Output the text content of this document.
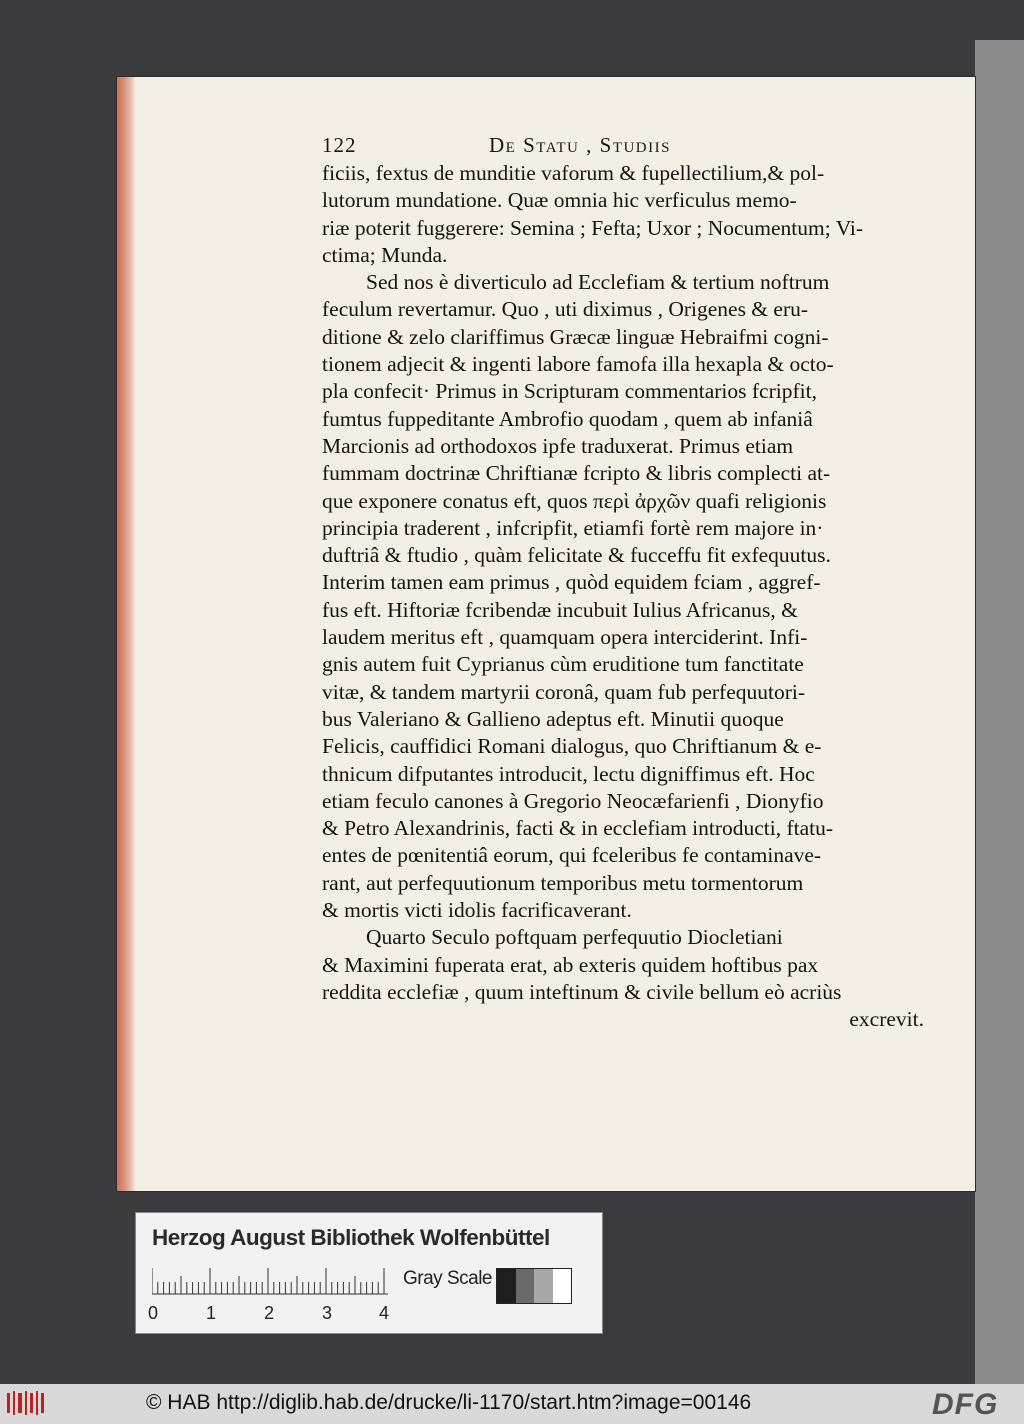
122	De Statu , Studiis
ficiis, fextus de munditie vaforum & fupellectilium,& pol-
lutorum mundatione. Quæ omnia hic verficulus memo-
riæ poterit fuggerere: Semina ; Fefta; Uxor ; Nocumentum; Vi-
ctima; Munda.
Sed nos è diverticulo ad Ecclefiam & tertium noftrum
feculum revertamur. Quo , uti diximus , Origenes & eru-
ditione & zelo clariffimus Græcæ linguæ Hebraifmi cogni-
tionem adjecit & ingenti labore famofa illa hexapla & octo-
pla confecit· Primus in Scripturam commentarios fcripfit,
fumtus fuppeditante Ambrofio quodam , quem ab infaniâ
Marcionis ad orthodoxos ipfe traduxerat. Primus etiam
fummam doctrinæ Chriftianæ fcripto & libris complecti at-
que exponere conatus eft, quos περὶ ἀρχῶν quafi religionis
principia traderent , infcripfit, etiamfi fortè rem majore in·
duftriâ & ftudio , quàm felicitate & fucceffu fit exfequutus.
Interim tamen eam primus , quòd equidem fciam , aggref-
fus eft. Hiftoriæ fcribendæ incubuit Iulius Africanus, &
laudem meritus eft , quamquam opera interciderint. Infi-
gnis autem fuit Cyprianus cùm eruditione tum fanctitate
vitæ, & tandem martyrii coronâ, quam fub perfequutori-
bus Valeriano & Gallieno adeptus eft. Minutii quoque
Felicis, cauffidici Romani dialogus, quo Chriftianum & e-
thnicum difputantes introducit, lectu digniffimus eft. Hoc
etiam feculo canones à Gregorio Neocæfarienfi , Dionyfio
& Petro Alexandrinis, facti & in ecclefiam introducti, ftatu-
entes de pœnitentiâ eorum, qui fceleribus fe contaminave-
rant, aut perfequutionum temporibus metu tormentorum
& mortis victi idolis facrificaverant.
Quarto Seculo poftquam perfequutio Diocletiani
& Maximini fuperata erat, ab exteris quidem hoftibus pax
reddita ecclefiæ , quum inteftinum & civile bellum eò acriùs
excrevit.
Herzog August Bibliothek Wolfenbüttel
0	1	2	3	4
Gray Scale
© HAB http://diglib.hab.de/drucke/li-1170/start.htm?image=00146	DFG
